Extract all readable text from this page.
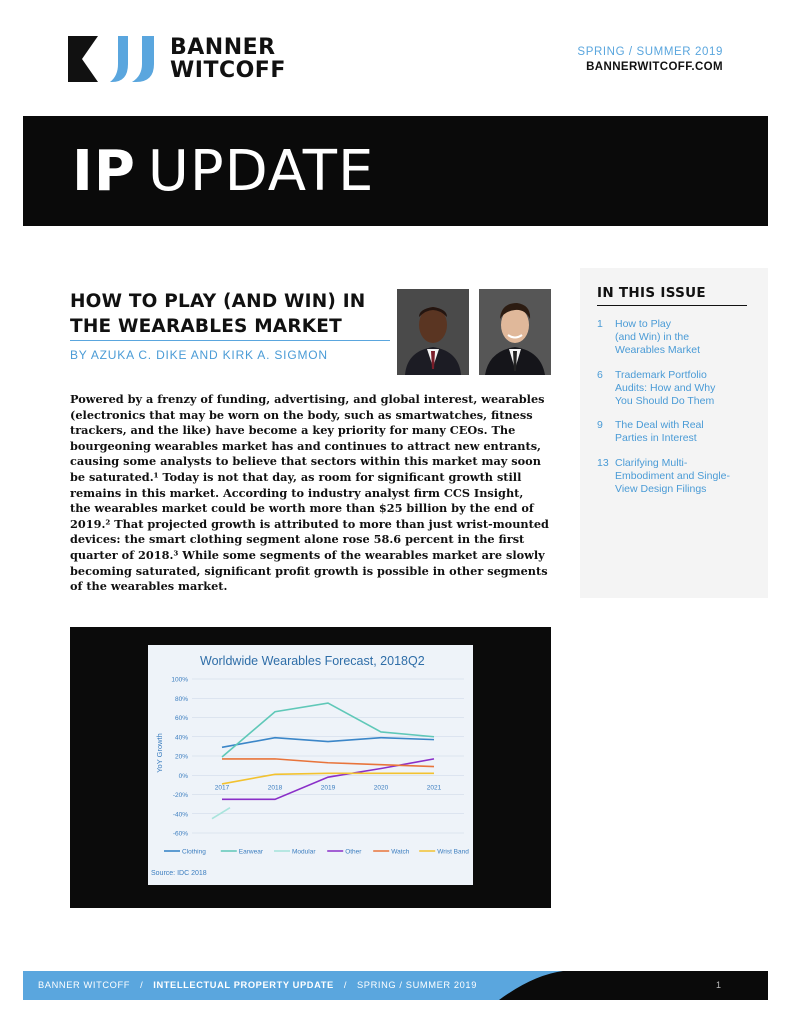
BANNER
WITCOFF
SPRING / SUMMER 2019
BANNERWITCOFF.COM
IP UPDATE
HOW TO PLAY (AND WIN) IN
THE WEARABLES MARKET
BY AZUKA C. DIKE AND KIRK A. SIGMON
Powered by a frenzy of funding, advertising, and global interest, wearables
(electronics that may be worn on the body, such as smartwatches, fitness
trackers, and the like) have become a key priority for many CEOs. The
bourgeoning wearables market has and continues to attract new entrants,
causing some analysts to believe that sectors within this market may soon
be saturated.¹ Today is not that day, as room for significant growth still
remains in this market. According to industry analyst firm CCS Insight,
the wearables market could be worth more than $25 billion by the end of
2019.² That projected growth is attributed to more than just wrist-mounted
devices: the smart clothing segment alone rose 58.6 percent in the first
quarter of 2018.³ While some segments of the wearables market are slowly
becoming saturated, significant profit growth is possible in other segments
of the wearables market.
IN THIS ISSUE
1	How to Play
(and Win) in the
Wearables Market
6	Trademark Portfolio
Audits: How and Why
You Should Do Them
9	The Deal with Real
Parties in Interest
13 Clarifying Multi-
Embodiment and Single-
View Design Filings
Worldwide Wearables Forecast, 2018Q2
YoY Growth
100%
80%
60%
40%
20%
0%
-20%
-40%
-60%
2017	2018	2019	2020	2021
Clothing	Earwear	Modular	Other	Watch	Wrist Band
Source: IDC 2018
BANNER WITCOFF / INTELLECTUAL PROPERTY UPDATE / SPRING / SUMMER 2019	1
